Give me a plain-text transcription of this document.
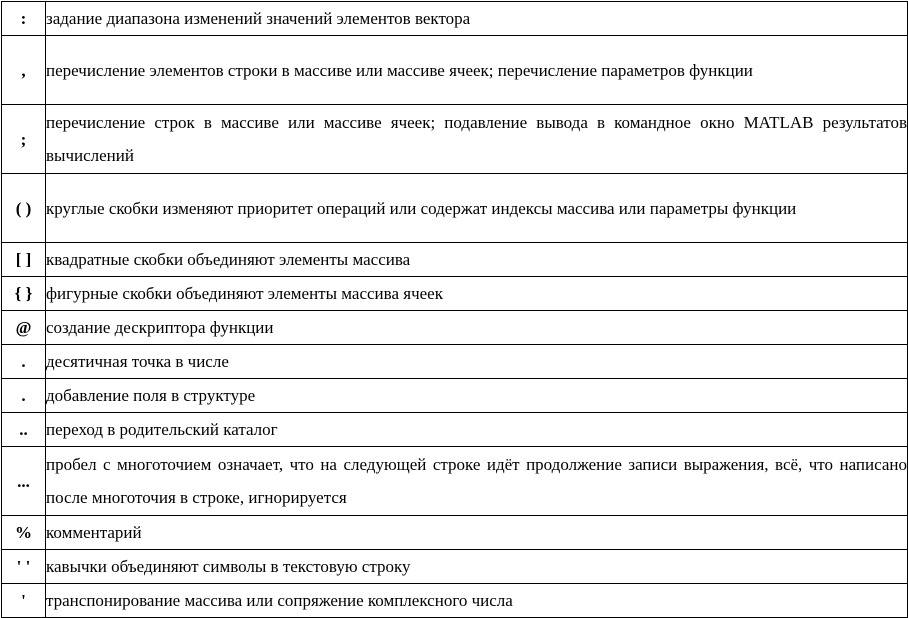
:	задание диапазона изменений значений элементов вектора
,	перечисление элементов строки в массиве или массиве ячеек; перечисление параметров функции
;	перечисление строк в массиве или массиве ячеек; подавление вывода в командное окно MATLAB результатов вычислений
( )	круглые скобки изменяют приоритет операций или содержат индексы массива или параметры функции
[ ]	квадратные скобки объединяют элементы массива
{ }	фигурные скобки объединяют элементы массива ячеек
@	создание дескриптора функции
.	десятичная точка в числе
.	добавление поля в структуре
..	переход в родительский каталог
...	пробел с многоточием означает, что на следующей строке идёт продолжение записи выражения, всё, что написано после многоточия в строке, игнорируется
%	комментарий
' '	кавычки объединяют символы в текстовую строку
'	транспонирование массива или сопряжение комплексного числа
